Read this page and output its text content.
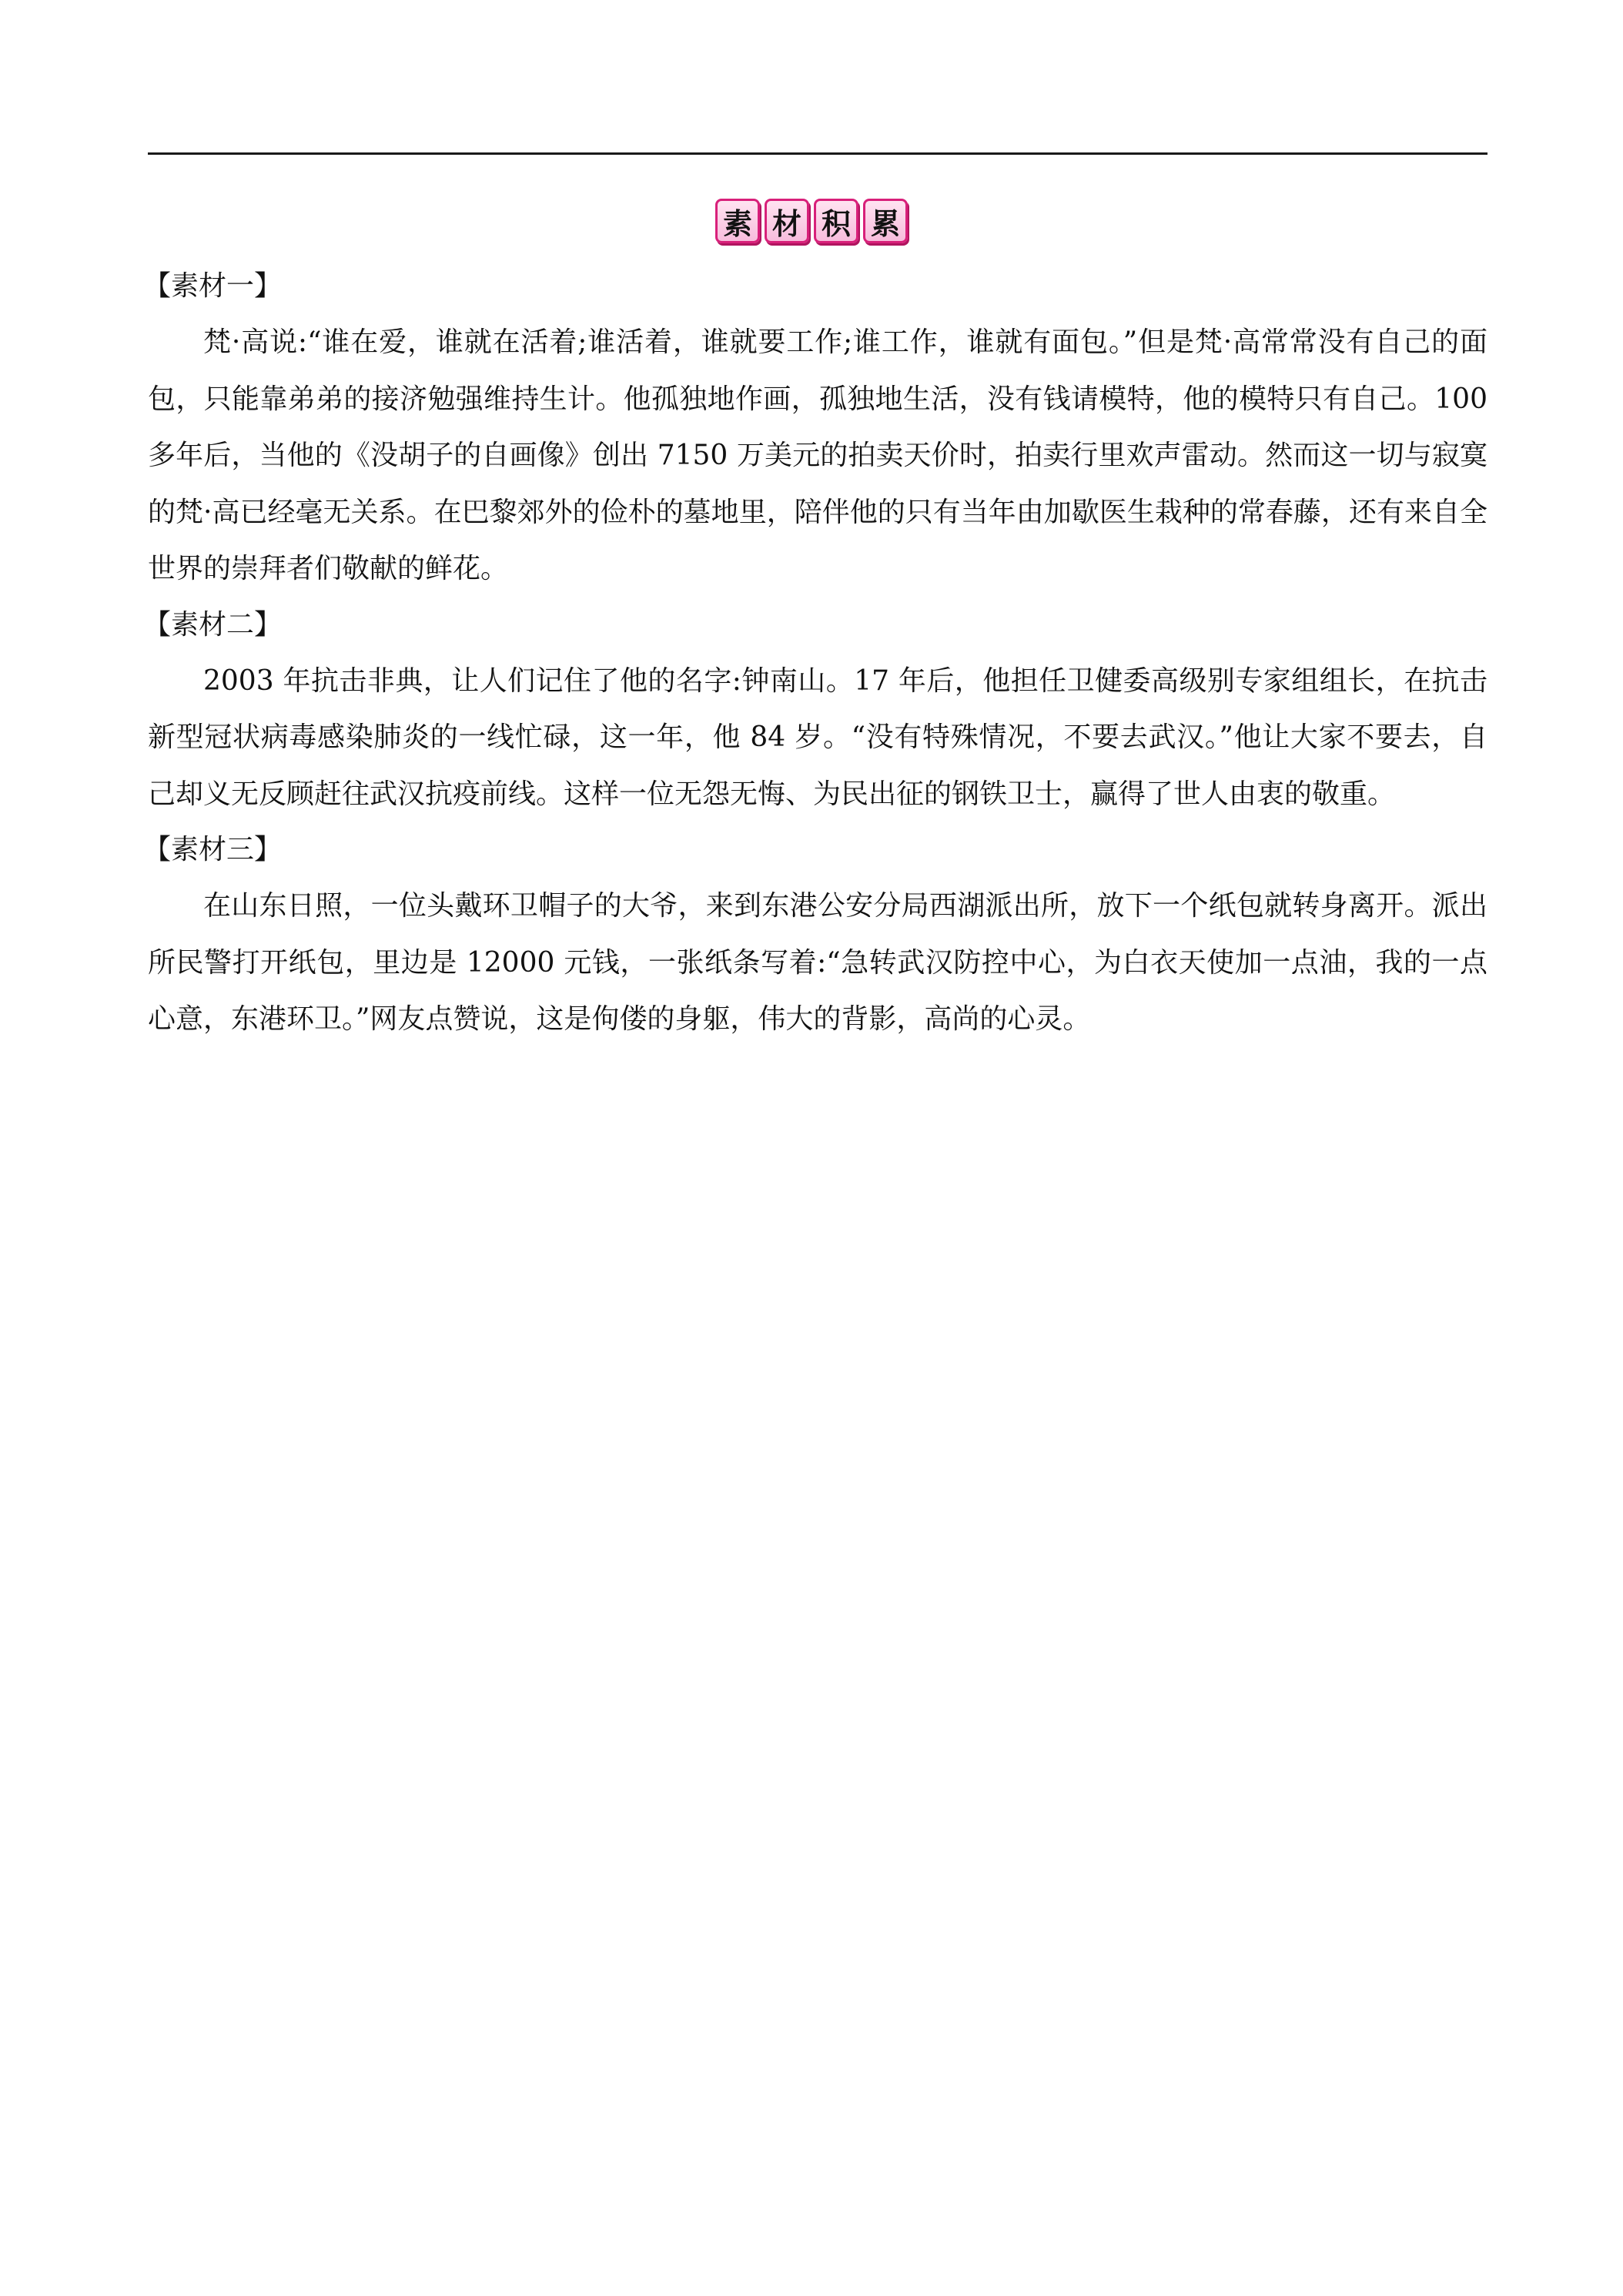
素 材 积 累
【素材一】

梵·高说:“谁在爱，谁就在活着;谁活着，谁就要工作;谁工作，谁就有面包。”但是梵·高常常没有自己的面包，只能靠弟弟的接济勉强维持生计。他孤独地作画，孤独地生活，没有钱请模特，他的模特只有自己。100 多年后，当他的《没胡子的自画像》创出 7150 万美元的拍卖天价时，拍卖行里欢声雷动。然而这一切与寂寞的梵·高已经毫无关系。在巴黎郊外的俭朴的墓地里，陪伴他的只有当年由加歇医生栽种的常春藤，还有来自全世界的崇拜者们敬献的鲜花。

【素材二】

2003 年抗击非典，让人们记住了他的名字:钟南山。17 年后，他担任卫健委高级别专家组组长，在抗击新型冠状病毒感染肺炎的一线忙碌，这一年，他 84 岁。“没有特殊情况，不要去武汉。”他让大家不要去，自己却义无反顾赶往武汉抗疫前线。这样一位无怨无悔、为民出征的钢铁卫士，赢得了世人由衷的敬重。

【素材三】

在山东日照，一位头戴环卫帽子的大爷，来到东港公安分局西湖派出所，放下一个纸包就转身离开。派出所民警打开纸包，里边是 12000 元钱，一张纸条写着:“急转武汉防控中心，为白衣天使加一点油，我的一点心意，东港环卫。”网友点赞说，这是佝偻的身躯，伟大的背影，高尚的心灵。
